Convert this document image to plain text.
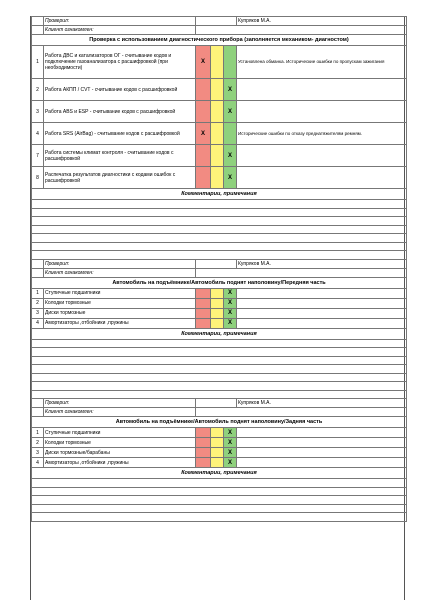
	Проверил:				Купряков М.А.
	Клиент ознакомлен:				
Проверка с использованием диагностического прибора (заполняется механиком- диагностом)					
1	Работа ДВС и катализаторов ОГ - считывание кодов и подключение газоанализатора с расшифровкой (при необходимости)	X			Установлена обманка. Исторические ошибки по пропускам зажигания
2	Работа АКПП / CVT - считывание кодов с расшифровкой			X	
3	Работа ABS и ESP - считывание кодов с расшифровкой			X	
4	Работа SRS (AirBag) - считывание кодов с расшифровкой	X			Исторические ошибки по отказу преднатяжителям ремням.
7	Работа системы климат контроля - считывание кодов с расшифровкой			X	
8	Распечатка результатов диагностики с кодами ошибок с расшифровкой			X	
Комментарии, примечания					

	Проверил:				Купряков М.А.
	Клиент ознакомлен:				
Автомобиль на подъёмнике/Автомобиль поднят наполовину/Передняя часть					
1	Ступичные подшипники			X	
2	Колодки тормозные			X	
3	Диски тормозные			X	
4	Амортизаторы ,отбойники ,пружины			X	
Комментарии, примечания					

	Проверил:				Купряков М.А.
	Клиент ознакомлен:				
Автомобиль на подъёмнике/Автомобиль поднят наполовину/Задняя часть					
1	Ступичные подшипники			X	
2	Колодки тормозные			X	
3	Диски тормозные/барабаны			X	
4	Амортизаторы ,отбойники ,пружины			X	
Комментарии, примечания					
